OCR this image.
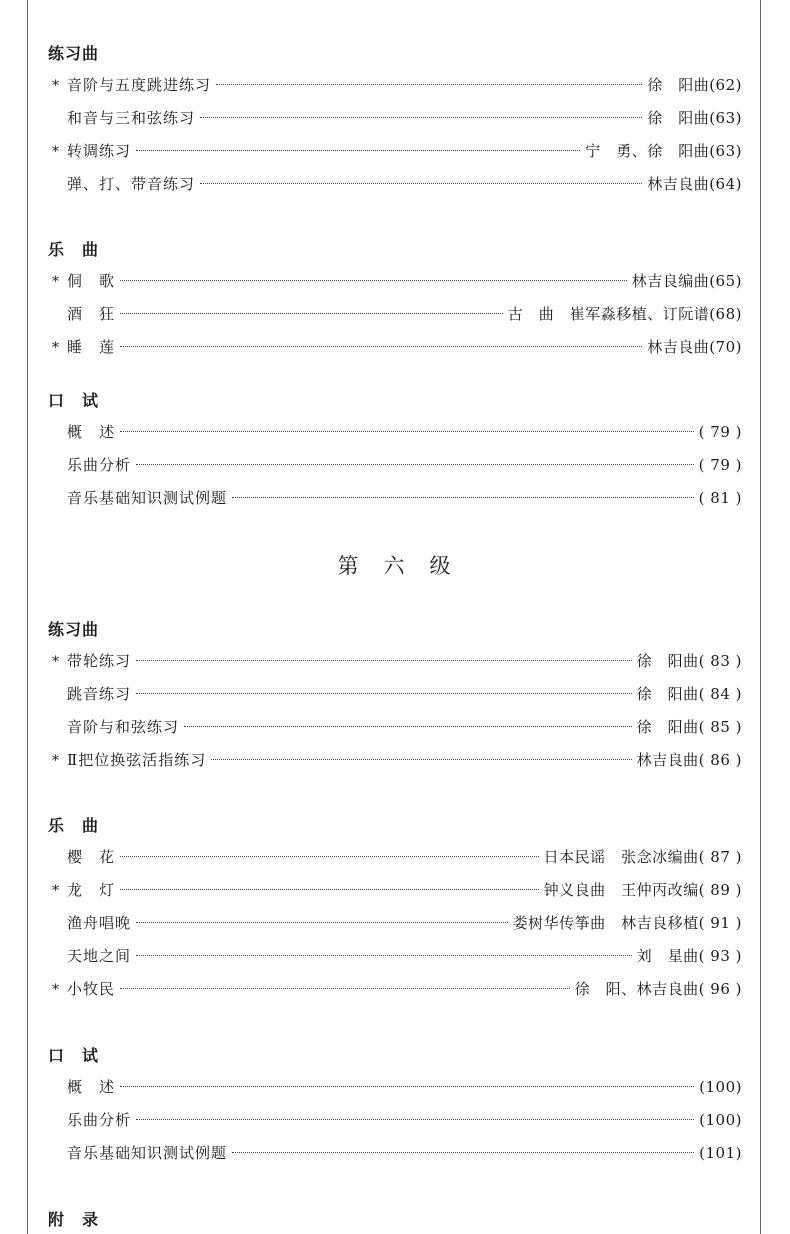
练习曲
* 音阶与五度跳进练习	徐　阳曲(62)
和音与三和弦练习	徐　阳曲(63)
* 转调练习	宁　勇、徐　阳曲(63)
弹、打、带音练习	林吉良曲(64)
乐　曲
* 侗　歌	林吉良编曲(65)
酒　狂	古　曲　崔军淼移植、订阮谱(68)
* 睡　莲	林吉良曲(70)
口　试
概　述	( 79 )
乐曲分析	( 79 )
音乐基础知识测试例题	( 81 )
第　六　级
练习曲
* 带轮练习	徐　阳曲( 83 )
跳音练习	徐　阳曲( 84 )
音阶与和弦练习	徐　阳曲( 85 )
* Ⅱ把位换弦活指练习	林吉良曲( 86 )
乐　曲
樱　花	日本民谣　张念冰编曲( 87 )
* 龙　灯	钟义良曲　王仲丙改编( 89 )
渔舟唱晚	娄树华传筝曲　林吉良移植( 91 )
天地之间	刘　星曲( 93 )
* 小牧民	徐　阳、林吉良曲( 96 )
口　试
概　述	(100)
乐曲分析	(100)
音乐基础知识测试例题	(101)
附　录
